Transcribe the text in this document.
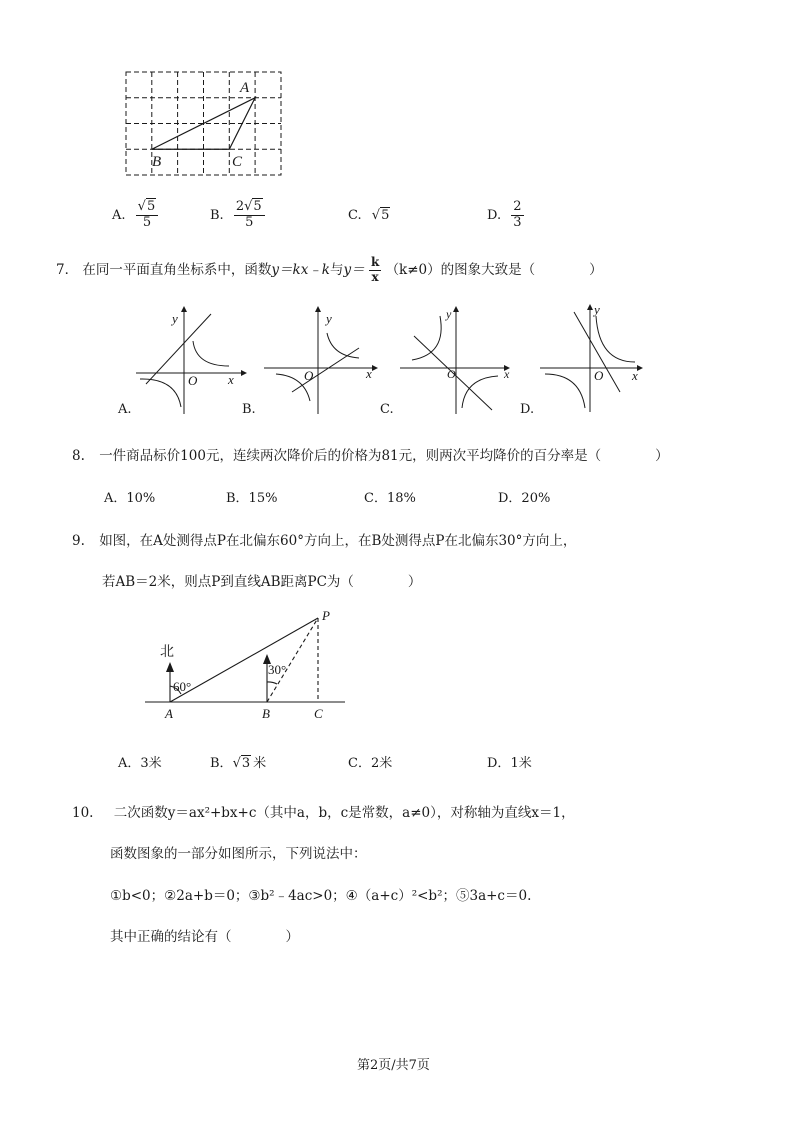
A
B	C
A. $\frac{√5}{5}$	B. $\frac{2√5}{5}$	C. √5	D. $\frac{2}{3}$
7． 在同一平面直角坐标系中，函数y＝kx﹣k与$y= \frac{k}{x} (k\ne 0)$的图象大致是（　　　　）
x
y
O
A.
x
y
O
B.
x
y
O
C.
x
y
O
D.
8. 一件商品标价100元，连续两次降价后的价格为81元，则两次平均降价的百分率是（　　　　）
A．10%	B．15%	C．18%	D．20%
9. 如图，在A处测得点P在北偏东60°方向上，在B处测得点P在北偏东30°方向上，
若AB＝2米，则点P到直线AB距离PC为（　　　　）
北
60°
30°
A	B	C
P
A．3米	B．√3 米	C．2米	D．1米
10. 二次函数y＝ax²+bx+c（其中a，b，c是常数，a≠0），对称轴为直线x＝1，
函数图象的一部分如图所示，下列说法中：
①b<0；②2a+b＝0；③b²﹣4ac>0；④（a+c）²<b²；⑤3a+c＝0.
其中正确的结论有（　　　　）
第2页/共7页
